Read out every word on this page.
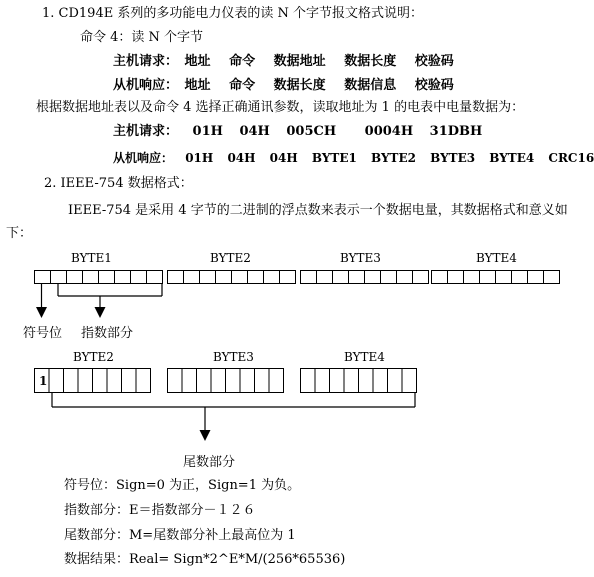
1. CD194E 系列的多功能电力仪表的读 N 个字节报文格式说明：
命令 4：读 N 个字节
主机请求： 地址 命令 数据地址 数据长度 校验码
从机响应： 地址 命令 数据长度 数据信息 校验码
根据数据地址表以及命令 4 选择正确通讯参数，读取地址为 1 的电表中电量数据为：
主机请求： 01H 04H 005CH 0004H 31DBH
从机响应： 01H 04H 04H BYTE1 BYTE2 BYTE3 BYTE4 CRC16
2. IEEE-754 数据格式：
IEEE-754 是采用 4 字节的二进制的浮点数来表示一个数据电量，其数据格式和意义如
下：
BYTE1	BYTE2	BYTE3	BYTE4
符号位 指数部分
BYTE2	BYTE3	BYTE4
1
尾数部分
符号位：Sign=0 为正，Sign=1 为负。
指数部分：E＝指数部分－１２６
尾数部分：M=尾数部分补上最高位为 1
数据结果：Real= Sign*2^E*M/(256*65536)
